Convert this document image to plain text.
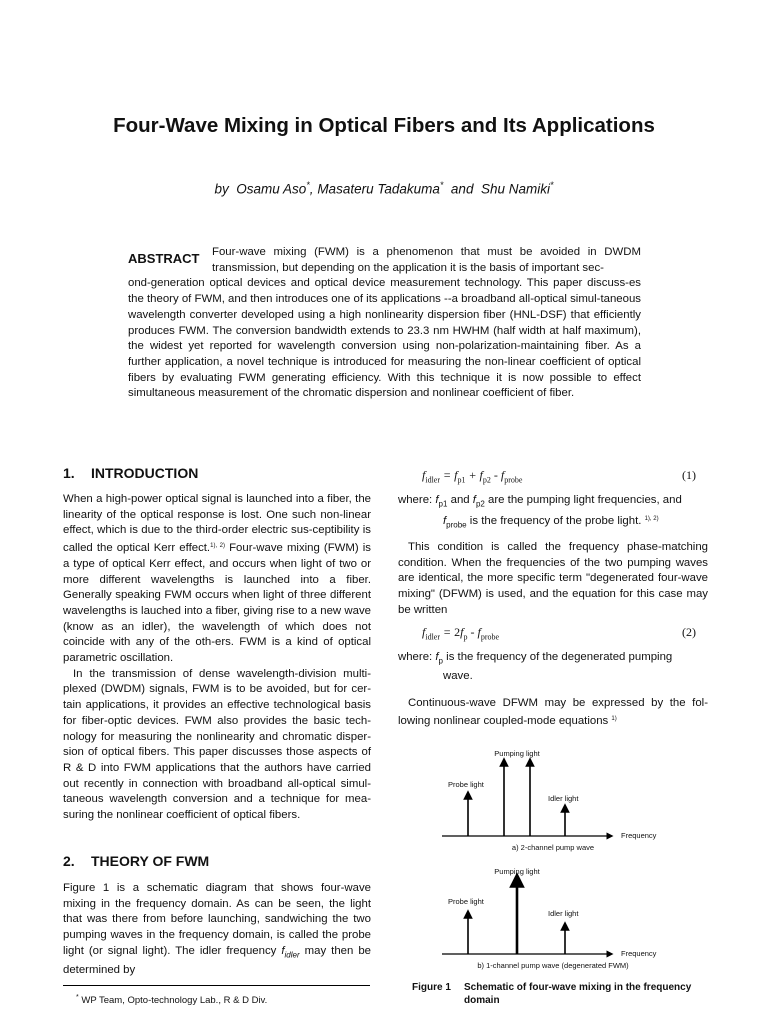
Four-Wave Mixing in Optical Fibers and Its Applications
by Osamu Aso*, Masateru Tadakuma* and Shu Namiki*
ABSTRACT	Four-wave mixing (FWM) is a phenomenon that must be avoided in DWDM transmission, but depending on the application it is the basis of important sec-
ond-generation optical devices and optical device measurement technology. This paper discuss-es the theory of FWM, and then introduces one of its applications --a broadband all-optical simul-taneous wavelength converter developed using a high nonlinearity dispersion fiber (HNL-DSF) that efficiently produces FWM. The conversion bandwidth extends to 23.3 nm HWHM (half width at half maximum), the widest yet reported for wavelength conversion using non-polarization-maintaining fiber. As a further application, a novel technique is introduced for measuring the non-linear coefficient of optical fibers by evaluating FWM generating efficiency. With this technique it is now possible to effect simultaneous measurement of the chromatic dispersion and nonlinear coefficient of fiber.
1. INTRODUCTION

When a high-power optical signal is launched into a fiber, the linearity of the optical response is lost. One such non-linear effect, which is due to the third-order electric sus-ceptibility is called the optical Kerr effect.$^{1), 2)}$ Four-wave mixing (FWM) is a type of optical Kerr effect, and occurs when light of two or more different wavelengths is launched into a fiber. Generally speaking FWM occurs when light of three different wavelengths is lauched into a fiber, giving rise to a new wave (know as an idler), the wavelength of which does not coincide with any of the oth-ers. FWM is a kind of optical parametric oscillation.

In the transmission of dense wavelength-division multi-plexed (DWDM) signals, FWM is to be avoided, but for cer-tain applications, it provides an effective technological basis for fiber-optic devices. FWM also provides the basic tech-nology for measuring the nonlinearity and chromatic disper-sion of optical fibers. This paper discusses those aspects of R & D into FWM applications that the authors have carried out recently in connection with broadband all-optical simul-taneous wavelength conversion and a technique for mea-suring the nonlinear coefficient of optical fibers.

2. THEORY OF FWM

Figure 1 is a schematic diagram that shows four-wave mixing in the frequency domain. As can be seen, the light that was there from before launching, sandwiching the two pumping waves in the frequency domain, is called the probe light (or signal light). The idler frequency $f_{idler}$ may then be determined by

$f_{idler} = f_{p1} + f_{p2} - f_{probe}$	(1)
where: $f_{p1}$ and $f_{p2}$ are the pumping light frequencies, and
$f_{probe}$ is the frequency of the probe light. $^{1), 2)}$

This condition is called the frequency phase-matching condition. When the frequencies of the two pumping waves are identical, the more specific term "degenerated four-wave mixing" (DFWM) is used, and the equation for this case may be written

$f_{idler} = 2f_p - f_{probe}$	(2)
where: $f_p$ is the frequency of the degenerated pumping
wave.

Continuous-wave DFWM may be expressed by the fol-lowing nonlinear coupled-mode equations $^{1)}$

Pumping light
Probe light
Idler light
Frequency
a) 2-channel pump wave
Pumping light
Probe light
Idler light
Frequency
b) 1-channel pump wave (degenerated FWM)
Figure 1 Schematic of four-wave mixing in the frequency domain
* WP Team, Opto-technology Lab., R & D Div.
